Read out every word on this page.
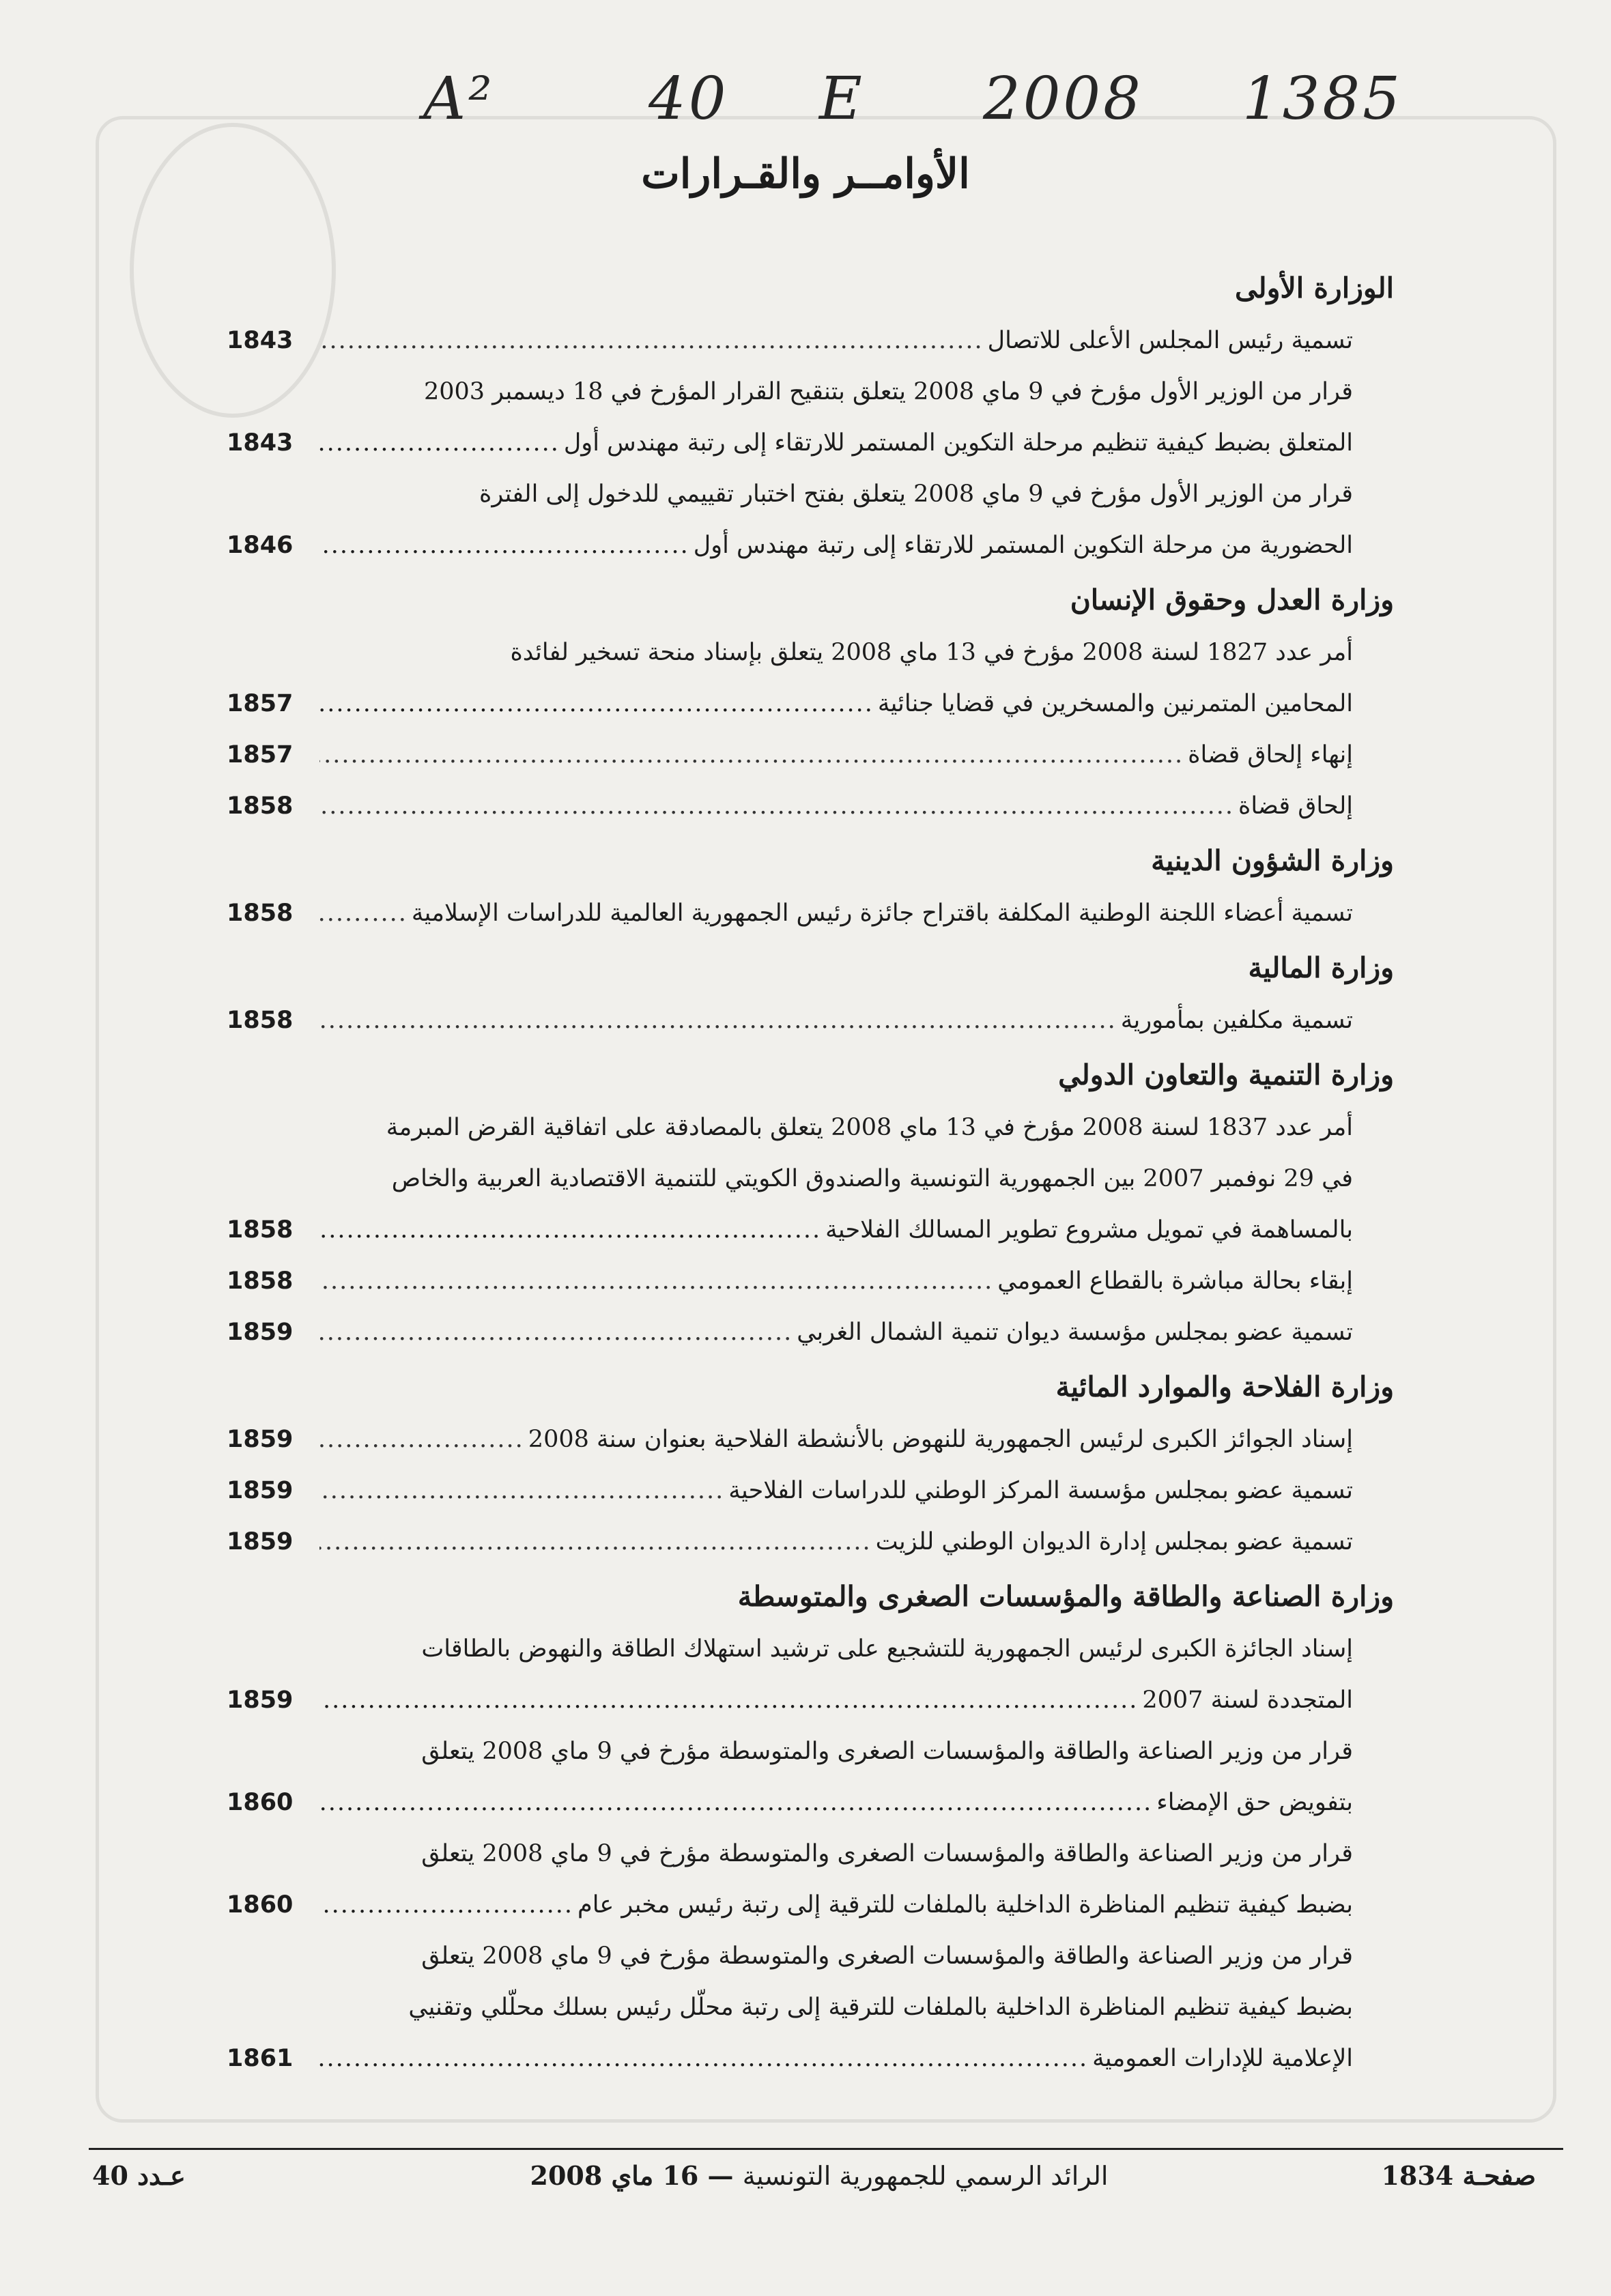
A²	40 E 2008 1385
الأوامــر والقـرارات
الوزارة الأولى
تسمية رئيس المجلس الأعلى للاتصال
.....
1843
قرار من الوزير الأول مؤرخ في 9 ماي 2008 يتعلق بتنقيح القرار المؤرخ في 18 ديسمبر 2003
المتعلق بضبط كيفية تنظيم مرحلة التكوين المستمر للارتقاء إلى رتبة مهندس أول
.....
1843
قرار من الوزير الأول مؤرخ في 9 ماي 2008 يتعلق بفتح اختبار تقييمي للدخول إلى الفترة
الحضورية من مرحلة التكوين المستمر للارتقاء إلى رتبة مهندس أول
.....
1846
وزارة العدل وحقوق الإنسان
أمر عدد 1827 لسنة 2008 مؤرخ في 13 ماي 2008 يتعلق بإسناد منحة تسخير لفائدة
المحامين المتمرنين والمسخرين في قضايا جنائية
.....
1857
إنهاء إلحاق قضاة
.....
1857
إلحاق قضاة
.....
1858
وزارة الشؤون الدينية
تسمية أعضاء اللجنة الوطنية المكلفة باقتراح جائزة رئيس الجمهورية العالمية للدراسات الإسلامية
.....
1858
وزارة المالية
تسمية مكلفين بمأمورية
.....
1858
وزارة التنمية والتعاون الدولي
أمر عدد 1837 لسنة 2008 مؤرخ في 13 ماي 2008 يتعلق بالمصادقة على اتفاقية القرض المبرمة
في 29 نوفمبر 2007 بين الجمهورية التونسية والصندوق الكويتي للتنمية الاقتصادية العربية والخاص
بالمساهمة في تمويل مشروع تطوير المسالك الفلاحية
.....
1858
إبقاء بحالة مباشرة بالقطاع العمومي
.....
1858
تسمية عضو بمجلس مؤسسة ديوان تنمية الشمال الغربي
.....
1859
وزارة الفلاحة والموارد المائية
إسناد الجوائز الكبرى لرئيس الجمهورية للنهوض بالأنشطة الفلاحية بعنوان سنة 2008
.....
1859
تسمية عضو بمجلس مؤسسة المركز الوطني للدراسات الفلاحية
.....
1859
تسمية عضو بمجلس إدارة الديوان الوطني للزيت
.....
1859
وزارة الصناعة والطاقة والمؤسسات الصغرى والمتوسطة
إسناد الجائزة الكبرى لرئيس الجمهورية للتشجيع على ترشيد استهلاك الطاقة والنهوض بالطاقات
المتجددة لسنة 2007
.....
1859
قرار من وزير الصناعة والطاقة والمؤسسات الصغرى والمتوسطة مؤرخ في 9 ماي 2008 يتعلق
بتفويض حق الإمضاء
.....
1860
قرار من وزير الصناعة والطاقة والمؤسسات الصغرى والمتوسطة مؤرخ في 9 ماي 2008 يتعلق
بضبط كيفية تنظيم المناظرة الداخلية بالملفات للترقية إلى رتبة رئيس مخبر عام
.....
1860
قرار من وزير الصناعة والطاقة والمؤسسات الصغرى والمتوسطة مؤرخ في 9 ماي 2008 يتعلق
بضبط كيفية تنظيم المناظرة الداخلية بالملفات للترقية إلى رتبة محلّل رئيس بسلك محلّلي وتقنيي
الإعلامية للإدارات العمومية
.....
1861
صفحـة 1834
الرائد الرسمي للجمهورية التونسية — 16 ماي 2008
عـدد 40
